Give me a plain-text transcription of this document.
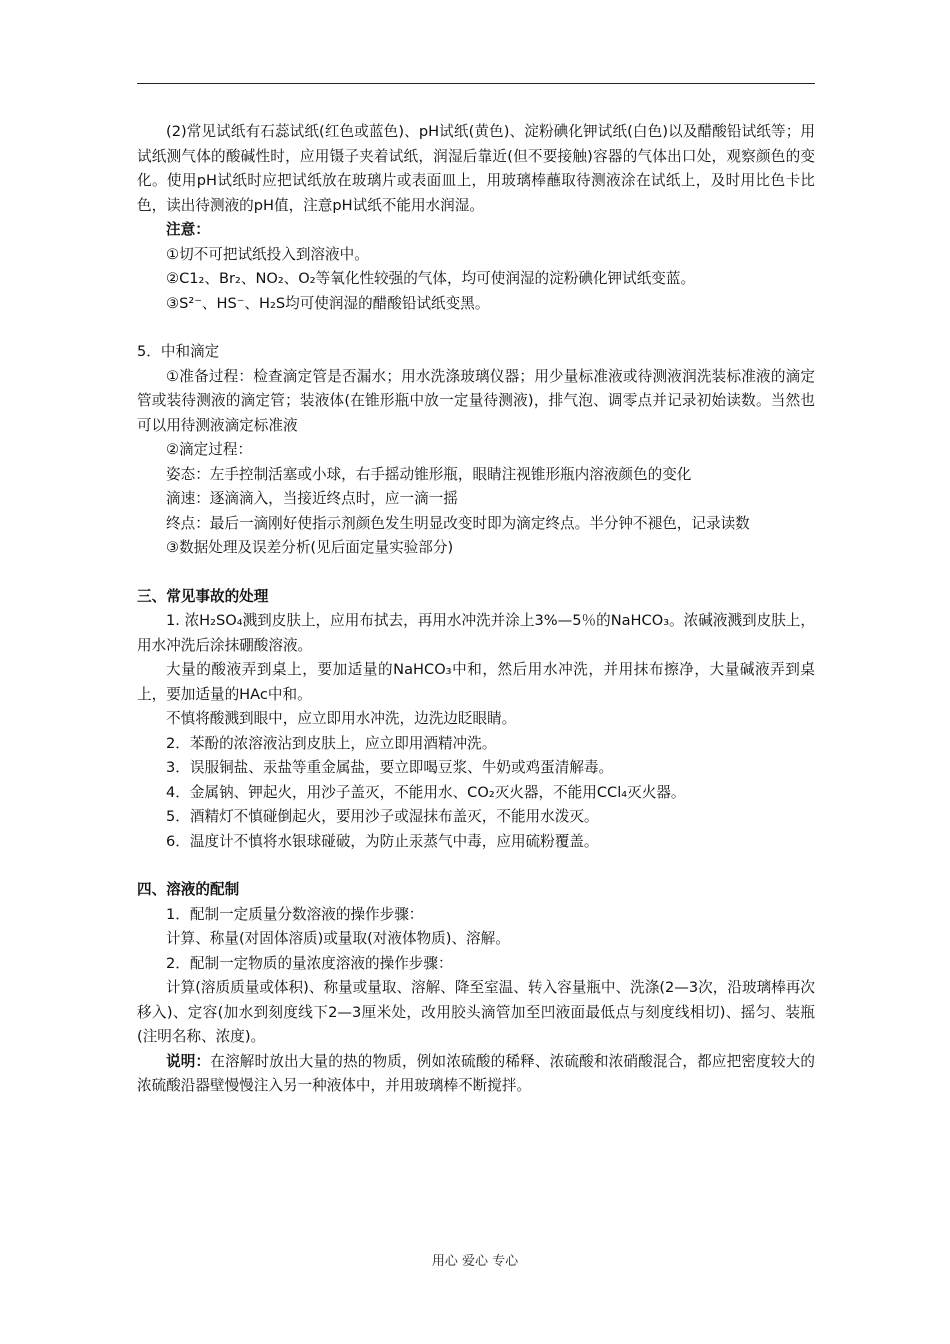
(2)常见试纸有石蕊试纸(红色或蓝色)、pH试纸(黄色)、淀粉碘化钾试纸(白色)以及醋酸铅试纸等；用试纸测气体的酸碱性时，应用镊子夹着试纸，润湿后靠近(但不要接触)容器的气体出口处，观察颜色的变化。使用pH试纸时应把试纸放在玻璃片或表面皿上，用玻璃棒蘸取待测液涂在试纸上，及时用比色卡比色，读出待测液的pH值，注意pH试纸不能用水润湿。

注意：

①切不可把试纸投入到溶液中。

②C1₂、Br₂、NO₂、O₂等氧化性较强的气体，均可使润湿的淀粉碘化钾试纸变蓝。

③S²⁻、HS⁻、H₂S均可使润湿的醋酸铅试纸变黑。

5．中和滴定

①准备过程：检查滴定管是否漏水；用水洗涤玻璃仪器；用少量标准液或待测液润洗装标准液的滴定管或装待测液的滴定管；装液体(在锥形瓶中放一定量待测液)，排气泡、调零点并记录初始读数。当然也可以用待测液滴定标准液

②滴定过程：

姿态：左手控制活塞或小球，右手摇动锥形瓶，眼睛注视锥形瓶内溶液颜色的变化

滴速：逐滴滴入，当接近终点时，应一滴一摇

终点：最后一滴刚好使指示剂颜色发生明显改变时即为滴定终点。半分钟不褪色，记录读数

③数据处理及误差分析(见后面定量实验部分)

三、常见事故的处理

1. 浓H₂SO₄溅到皮肤上，应用布拭去，再用水冲洗并涂上3%—5％的NaHCO₃。浓碱液溅到皮肤上，用水冲洗后涂抹硼酸溶液。

大量的酸液弄到桌上，要加适量的NaHCO₃中和，然后用水冲洗，并用抹布擦净，大量碱液弄到桌上，要加适量的HAc中和。

不慎将酸溅到眼中，应立即用水冲洗，边洗边眨眼睛。

2．苯酚的浓溶液沾到皮肤上，应立即用酒精冲洗。

3．误服铜盐、汞盐等重金属盐，要立即喝豆浆、牛奶或鸡蛋清解毒。

4．金属钠、钾起火，用沙子盖灭，不能用水、CO₂灭火器，不能用CCl₄灭火器。

5．酒精灯不慎碰倒起火，要用沙子或湿抹布盖灭，不能用水泼灭。

6．温度计不慎将水银球碰破，为防止汞蒸气中毒，应用硫粉覆盖。

四、溶液的配制

1．配制一定质量分数溶液的操作步骤：

计算、称量(对固体溶质)或量取(对液体物质)、溶解。

2．配制一定物质的量浓度溶液的操作步骤：

计算(溶质质量或体积)、称量或量取、溶解、降至室温、转入容量瓶中、洗涤(2—3次，沿玻璃棒再次移入)、定容(加水到刻度线下2—3厘米处，改用胶头滴管加至凹液面最低点与刻度线相切)、摇匀、装瓶(注明名称、浓度)。

说明：在溶解时放出大量的热的物质，例如浓硫酸的稀释、浓硫酸和浓硝酸混合，都应把密度较大的浓硫酸沿器壁慢慢注入另一种液体中，并用玻璃棒不断搅拌。

用心 爱心 专心
